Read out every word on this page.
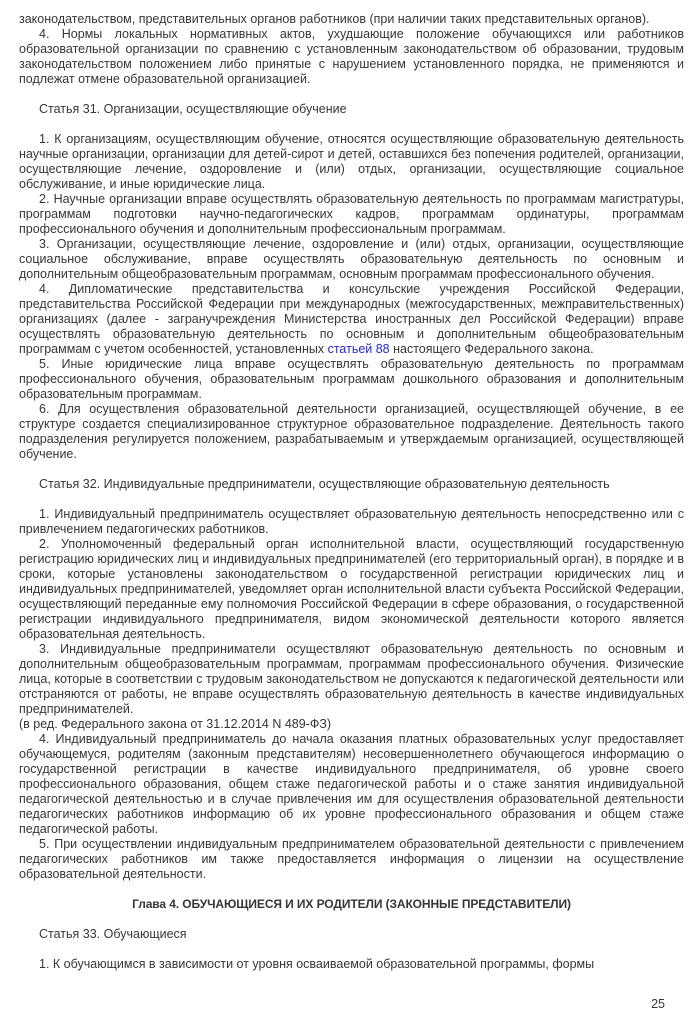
законодательством, представительных органов работников (при наличии таких представительных органов).

4. Нормы локальных нормативных актов, ухудшающие положение обучающихся или работников образовательной организации по сравнению с установленным законодательством об образовании, трудовым законодательством положением либо принятые с нарушением установленного порядка, не применяются и подлежат отмене образовательной организацией.

Статья 31. Организации, осуществляющие обучение

1. К организациям, осуществляющим обучение, относятся осуществляющие образовательную деятельность научные организации, организации для детей-сирот и детей, оставшихся без попечения родителей, организации, осуществляющие лечение, оздоровление и (или) отдых, организации, осуществляющие социальное обслуживание, и иные юридические лица.

2. Научные организации вправе осуществлять образовательную деятельность по программам магистратуры, программам подготовки научно-педагогических кадров, программам ординатуры, программам профессионального обучения и дополнительным профессиональным программам.

3. Организации, осуществляющие лечение, оздоровление и (или) отдых, организации, осуществляющие социальное обслуживание, вправе осуществлять образовательную деятельность по основным и дополнительным общеобразовательным программам, основным программам профессионального обучения.

4. Дипломатические представительства и консульские учреждения Российской Федерации, представительства Российской Федерации при международных (межгосударственных, межправительственных) организациях (далее - загранучреждения Министерства иностранных дел Российской Федерации) вправе осуществлять образовательную деятельность по основным и дополнительным общеобразовательным программам с учетом особенностей, установленных статьей 88 настоящего Федерального закона.

5. Иные юридические лица вправе осуществлять образовательную деятельность по программам профессионального обучения, образовательным программам дошкольного образования и дополнительным образовательным программам.

6. Для осуществления образовательной деятельности организацией, осуществляющей обучение, в ее структуре создается специализированное структурное образовательное подразделение. Деятельность такого подразделения регулируется положением, разрабатываемым и утверждаемым организацией, осуществляющей обучение.

Статья 32. Индивидуальные предприниматели, осуществляющие образовательную деятельность

1. Индивидуальный предприниматель осуществляет образовательную деятельность непосредственно или с привлечением педагогических работников.

2. Уполномоченный федеральный орган исполнительной власти, осуществляющий государственную регистрацию юридических лиц и индивидуальных предпринимателей (его территориальный орган), в порядке и в сроки, которые установлены законодательством о государственной регистрации юридических лиц и индивидуальных предпринимателей, уведомляет орган исполнительной власти субъекта Российской Федерации, осуществляющий переданные ему полномочия Российской Федерации в сфере образования, о государственной регистрации индивидуального предпринимателя, видом экономической деятельности которого является образовательная деятельность.

3. Индивидуальные предприниматели осуществляют образовательную деятельность по основным и дополнительным общеобразовательным программам, программам профессионального обучения. Физические лица, которые в соответствии с трудовым законодательством не допускаются к педагогической деятельности или отстраняются от работы, не вправе осуществлять образовательную деятельность в качестве индивидуальных предпринимателей.

(в ред. Федерального закона от 31.12.2014 N 489-ФЗ)

4. Индивидуальный предприниматель до начала оказания платных образовательных услуг предоставляет обучающемуся, родителям (законным представителям) несовершеннолетнего обучающегося информацию о государственной регистрации в качестве индивидуального предпринимателя, об уровне своего профессионального образования, общем стаже педагогической работы и о стаже занятия индивидуальной педагогической деятельностью и в случае привлечения им для осуществления образовательной деятельности педагогических работников информацию об их уровне профессионального образования и общем стаже педагогической работы.

5. При осуществлении индивидуальным предпринимателем образовательной деятельности с привлечением педагогических работников им также предоставляется информация о лицензии на осуществление образовательной деятельности.

Глава 4. ОБУЧАЮЩИЕСЯ И ИХ РОДИТЕЛИ (ЗАКОННЫЕ ПРЕДСТАВИТЕЛИ)

Статья 33. Обучающиеся

1. К обучающимся в зависимости от уровня осваиваемой образовательной программы, формы

25
